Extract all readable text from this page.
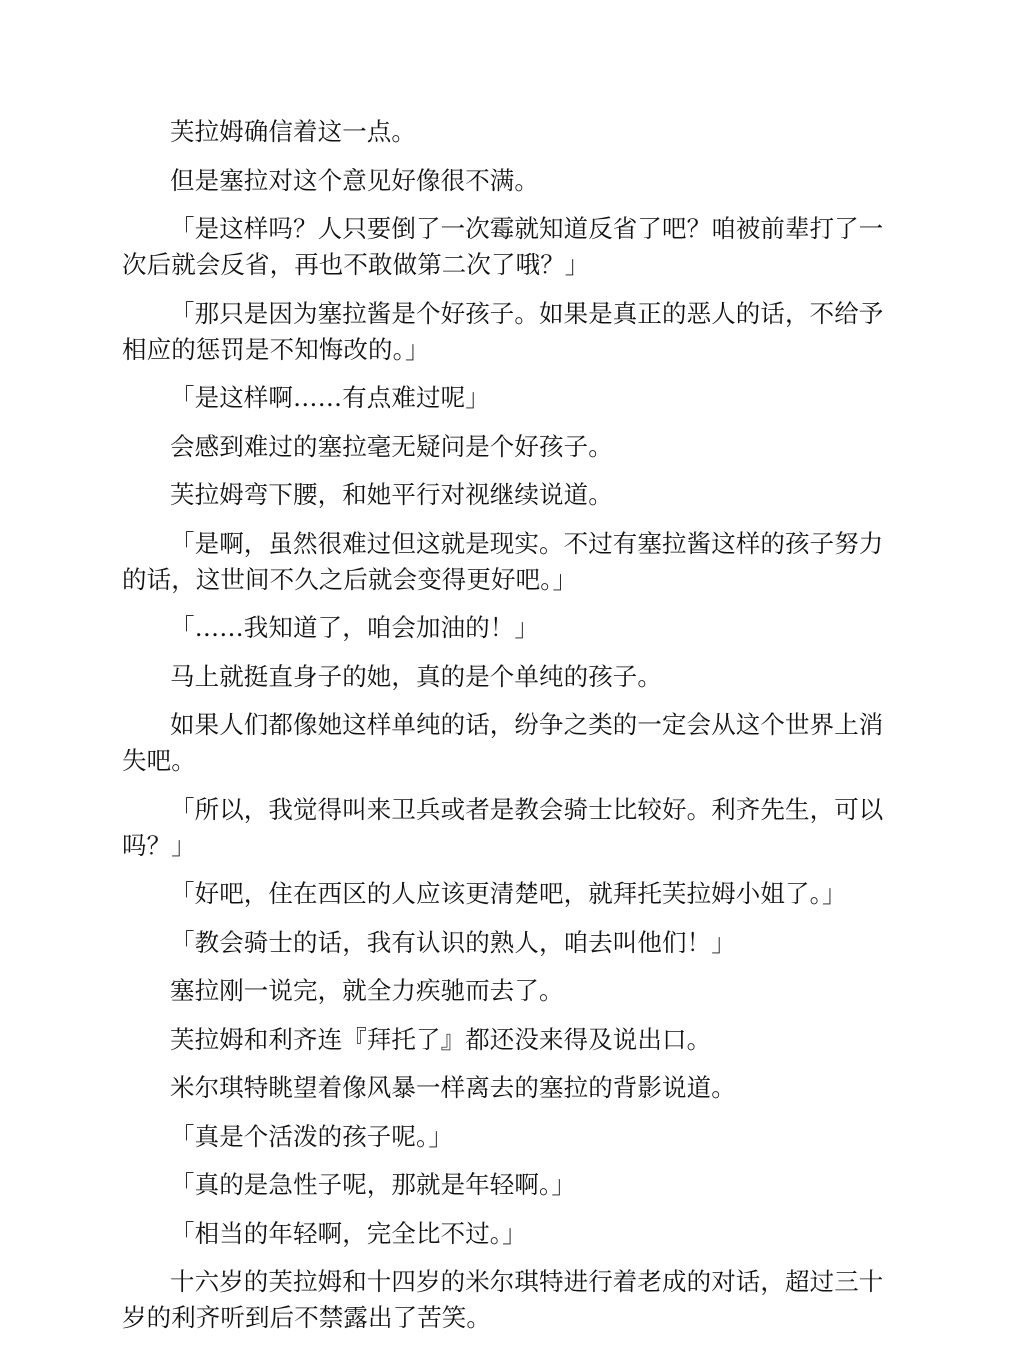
芙拉姆确信着这一点。

但是塞拉对这个意见好像很不满。

「是这样吗？人只要倒了一次霉就知道反省了吧？咱被前辈打了一次后就会反省，再也不敢做第二次了哦？」

「那只是因为塞拉酱是个好孩子。如果是真正的恶人的话，不给予相应的惩罚是不知悔改的。」

「是这样啊……有点难过呢」

会感到难过的塞拉毫无疑问是个好孩子。

芙拉姆弯下腰，和她平行对视继续说道。

「是啊，虽然很难过但这就是现实。不过有塞拉酱这样的孩子努力的话，这世间不久之后就会变得更好吧。」

「……我知道了，咱会加油的！」

马上就挺直身子的她，真的是个单纯的孩子。

如果人们都像她这样单纯的话，纷争之类的一定会从这个世界上消失吧。

「所以，我觉得叫来卫兵或者是教会骑士比较好。利齐先生，可以吗？」

「好吧，住在西区的人应该更清楚吧，就拜托芙拉姆小姐了。」

「教会骑士的话，我有认识的熟人，咱去叫他们！」

塞拉刚一说完，就全力疾驰而去了。

芙拉姆和利齐连『拜托了』都还没来得及说出口。

米尔琪特眺望着像风暴一样离去的塞拉的背影说道。

「真是个活泼的孩子呢。」

「真的是急性子呢，那就是年轻啊。」

「相当的年轻啊，完全比不过。」

十六岁的芙拉姆和十四岁的米尔琪特进行着老成的对话，超过三十岁的利齐听到后不禁露出了苦笑。
